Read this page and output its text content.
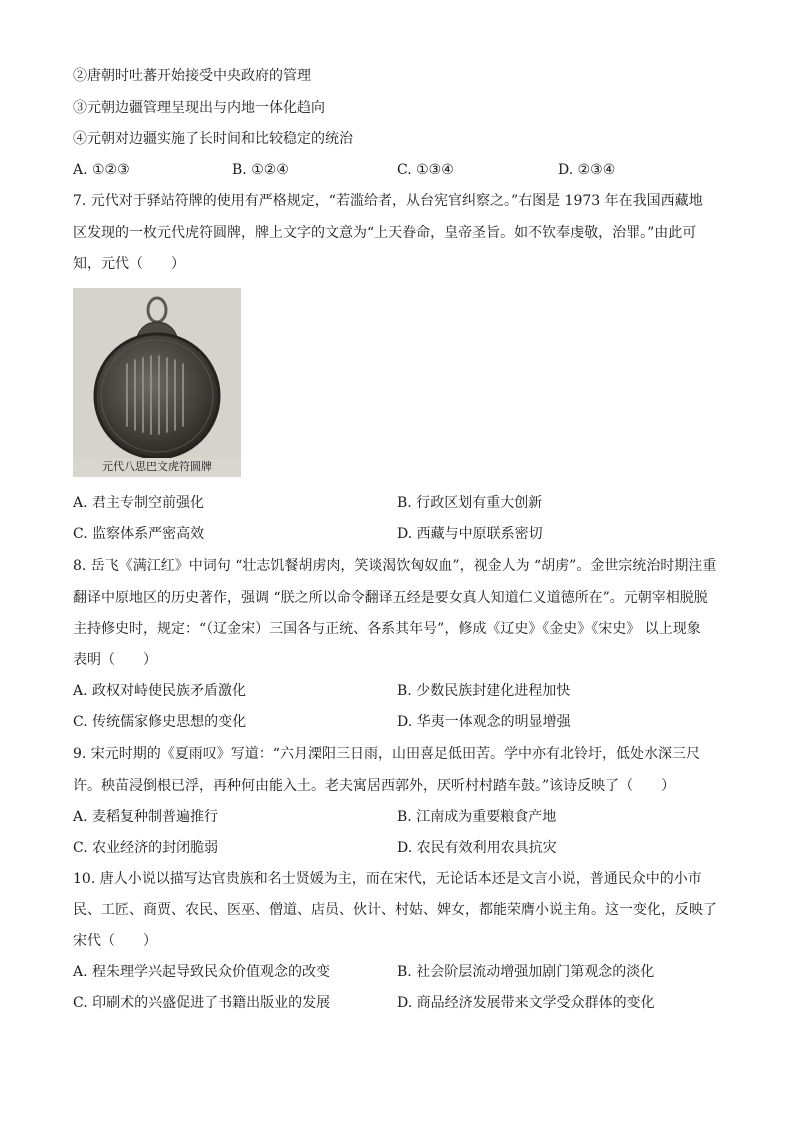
②唐朝时吐蕃开始接受中央政府的管理
③元朝边疆管理呈现出与内地一体化趋向
④元朝对边疆实施了长时间和比较稳定的统治
A. ①②③	B. ①②④	C. ①③④	D. ②③④
7. 元代对于驿站符牌的使用有严格规定，“若滥给者，从台宪官纠察之。”右图是 1973 年在我国西藏地
区发现的一枚元代虎符圆牌，牌上文字的文意为“上天眷命，皇帝圣旨。如不钦奉虔敬，治罪。”由此可
知，元代（　　）
元代八思巴文虎符圆牌
A. 君主专制空前强化	B. 行政区划有重大创新
C. 监察体系严密高效	D. 西藏与中原联系密切
8. 岳飞《满江红》中词句 “壮志饥餐胡虏肉，笑谈渴饮匈奴血”，视金人为 “胡虏”。金世宗统治时期注重
翻译中原地区的历史著作，强调 “朕之所以命令翻译五经是要女真人知道仁义道德所在”。元朝宰相脱脱
主持修史时，规定：“（辽金宋）三国各与正统、各系其年号”，修成《辽史》《金史》《宋史》 以上现象
表明（　　）
A. 政权对峙使民族矛盾激化	B. 少数民族封建化进程加快
C. 传统儒家修史思想的变化	D. 华夷一体观念的明显增强
9. 宋元时期的《夏雨叹》写道：“六月溧阳三日雨，山田喜足低田苦。学中亦有北铃圩，低处水深三尺
许。秧苗浸倒根已浮，再种何由能入土。老夫寓居西郭外，厌听村村踏车鼓。”该诗反映了（　　）
A. 麦稻复种制普遍推行	B. 江南成为重要粮食产地
C. 农业经济的封闭脆弱	D. 农民有效利用农具抗灾
10. 唐人小说以描写达官贵族和名士贤媛为主，而在宋代，无论话本还是文言小说，普通民众中的小市
民、工匠、商贾、农民、医巫、僧道、店员、伙计、村姑、婢女，都能荣膺小说主角。这一变化，反映了
宋代（　　）
A. 程朱理学兴起导致民众价值观念的改变	B. 社会阶层流动增强加剧门第观念的淡化
C. 印刷术的兴盛促进了书籍出版业的发展	D. 商品经济发展带来文学受众群体的变化
